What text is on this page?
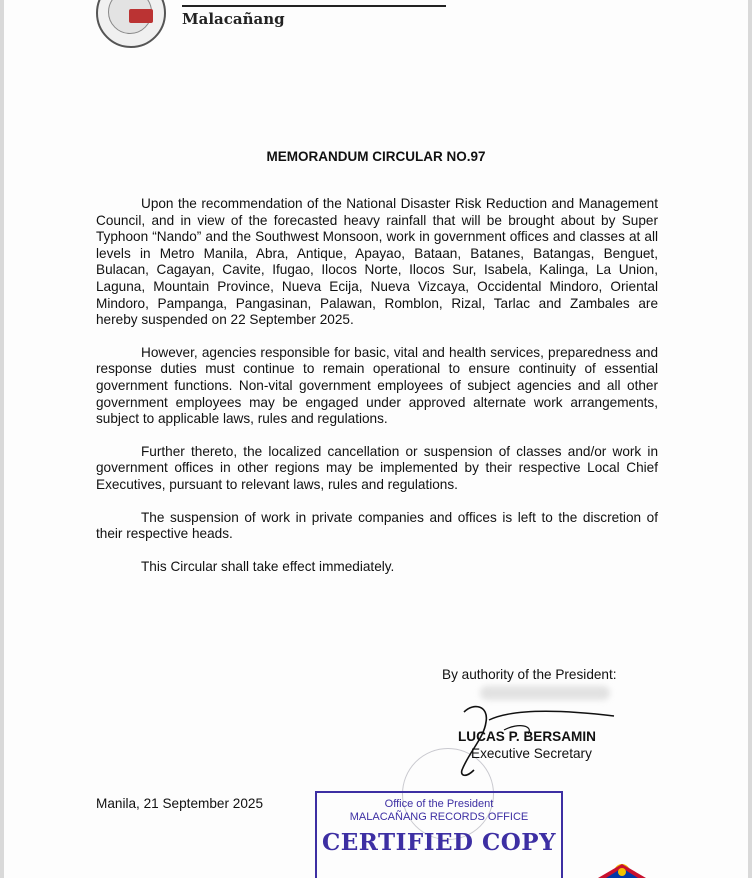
Malacañang
MEMORANDUM CIRCULAR NO.97

Upon the recommendation of the National Disaster Risk Reduction and Management Council, and in view of the forecasted heavy rainfall that will be brought about by Super Typhoon “Nando” and the Southwest Monsoon, work in government offices and classes at all levels in Metro Manila, Abra, Antique, Apayao, Bataan, Batanes, Batangas, Benguet, Bulacan, Cagayan, Cavite, Ifugao, Ilocos Norte, Ilocos Sur, Isabela, Kalinga, La Union, Laguna, Mountain Province, Nueva Ecija, Nueva Vizcaya, Occidental Mindoro, Oriental Mindoro, Pampanga, Pangasinan, Palawan, Romblon, Rizal, Tarlac and Zambales are hereby suspended on 22 September 2025.

However, agencies responsible for basic, vital and health services, preparedness and response duties must continue to remain operational to ensure continuity of essential government functions. Non-vital government employees of subject agencies and all other government employees may be engaged under approved alternate work arrangements, subject to applicable laws, rules and regulations.

Further thereto, the localized cancellation or suspension of classes and/or work in government offices in other regions may be implemented by their respective Local Chief Executives, pursuant to relevant laws, rules and regulations.

The suspension of work in private companies and offices is left to the discretion of their respective heads.

This Circular shall take effect immediately.

By authority of the President:
LUCAS P. BERSAMIN
Executive Secretary
Manila, 21 September 2025	Office of the President
MALACAÑANG RECORDS OFFICE
CERTIFIED COPY
